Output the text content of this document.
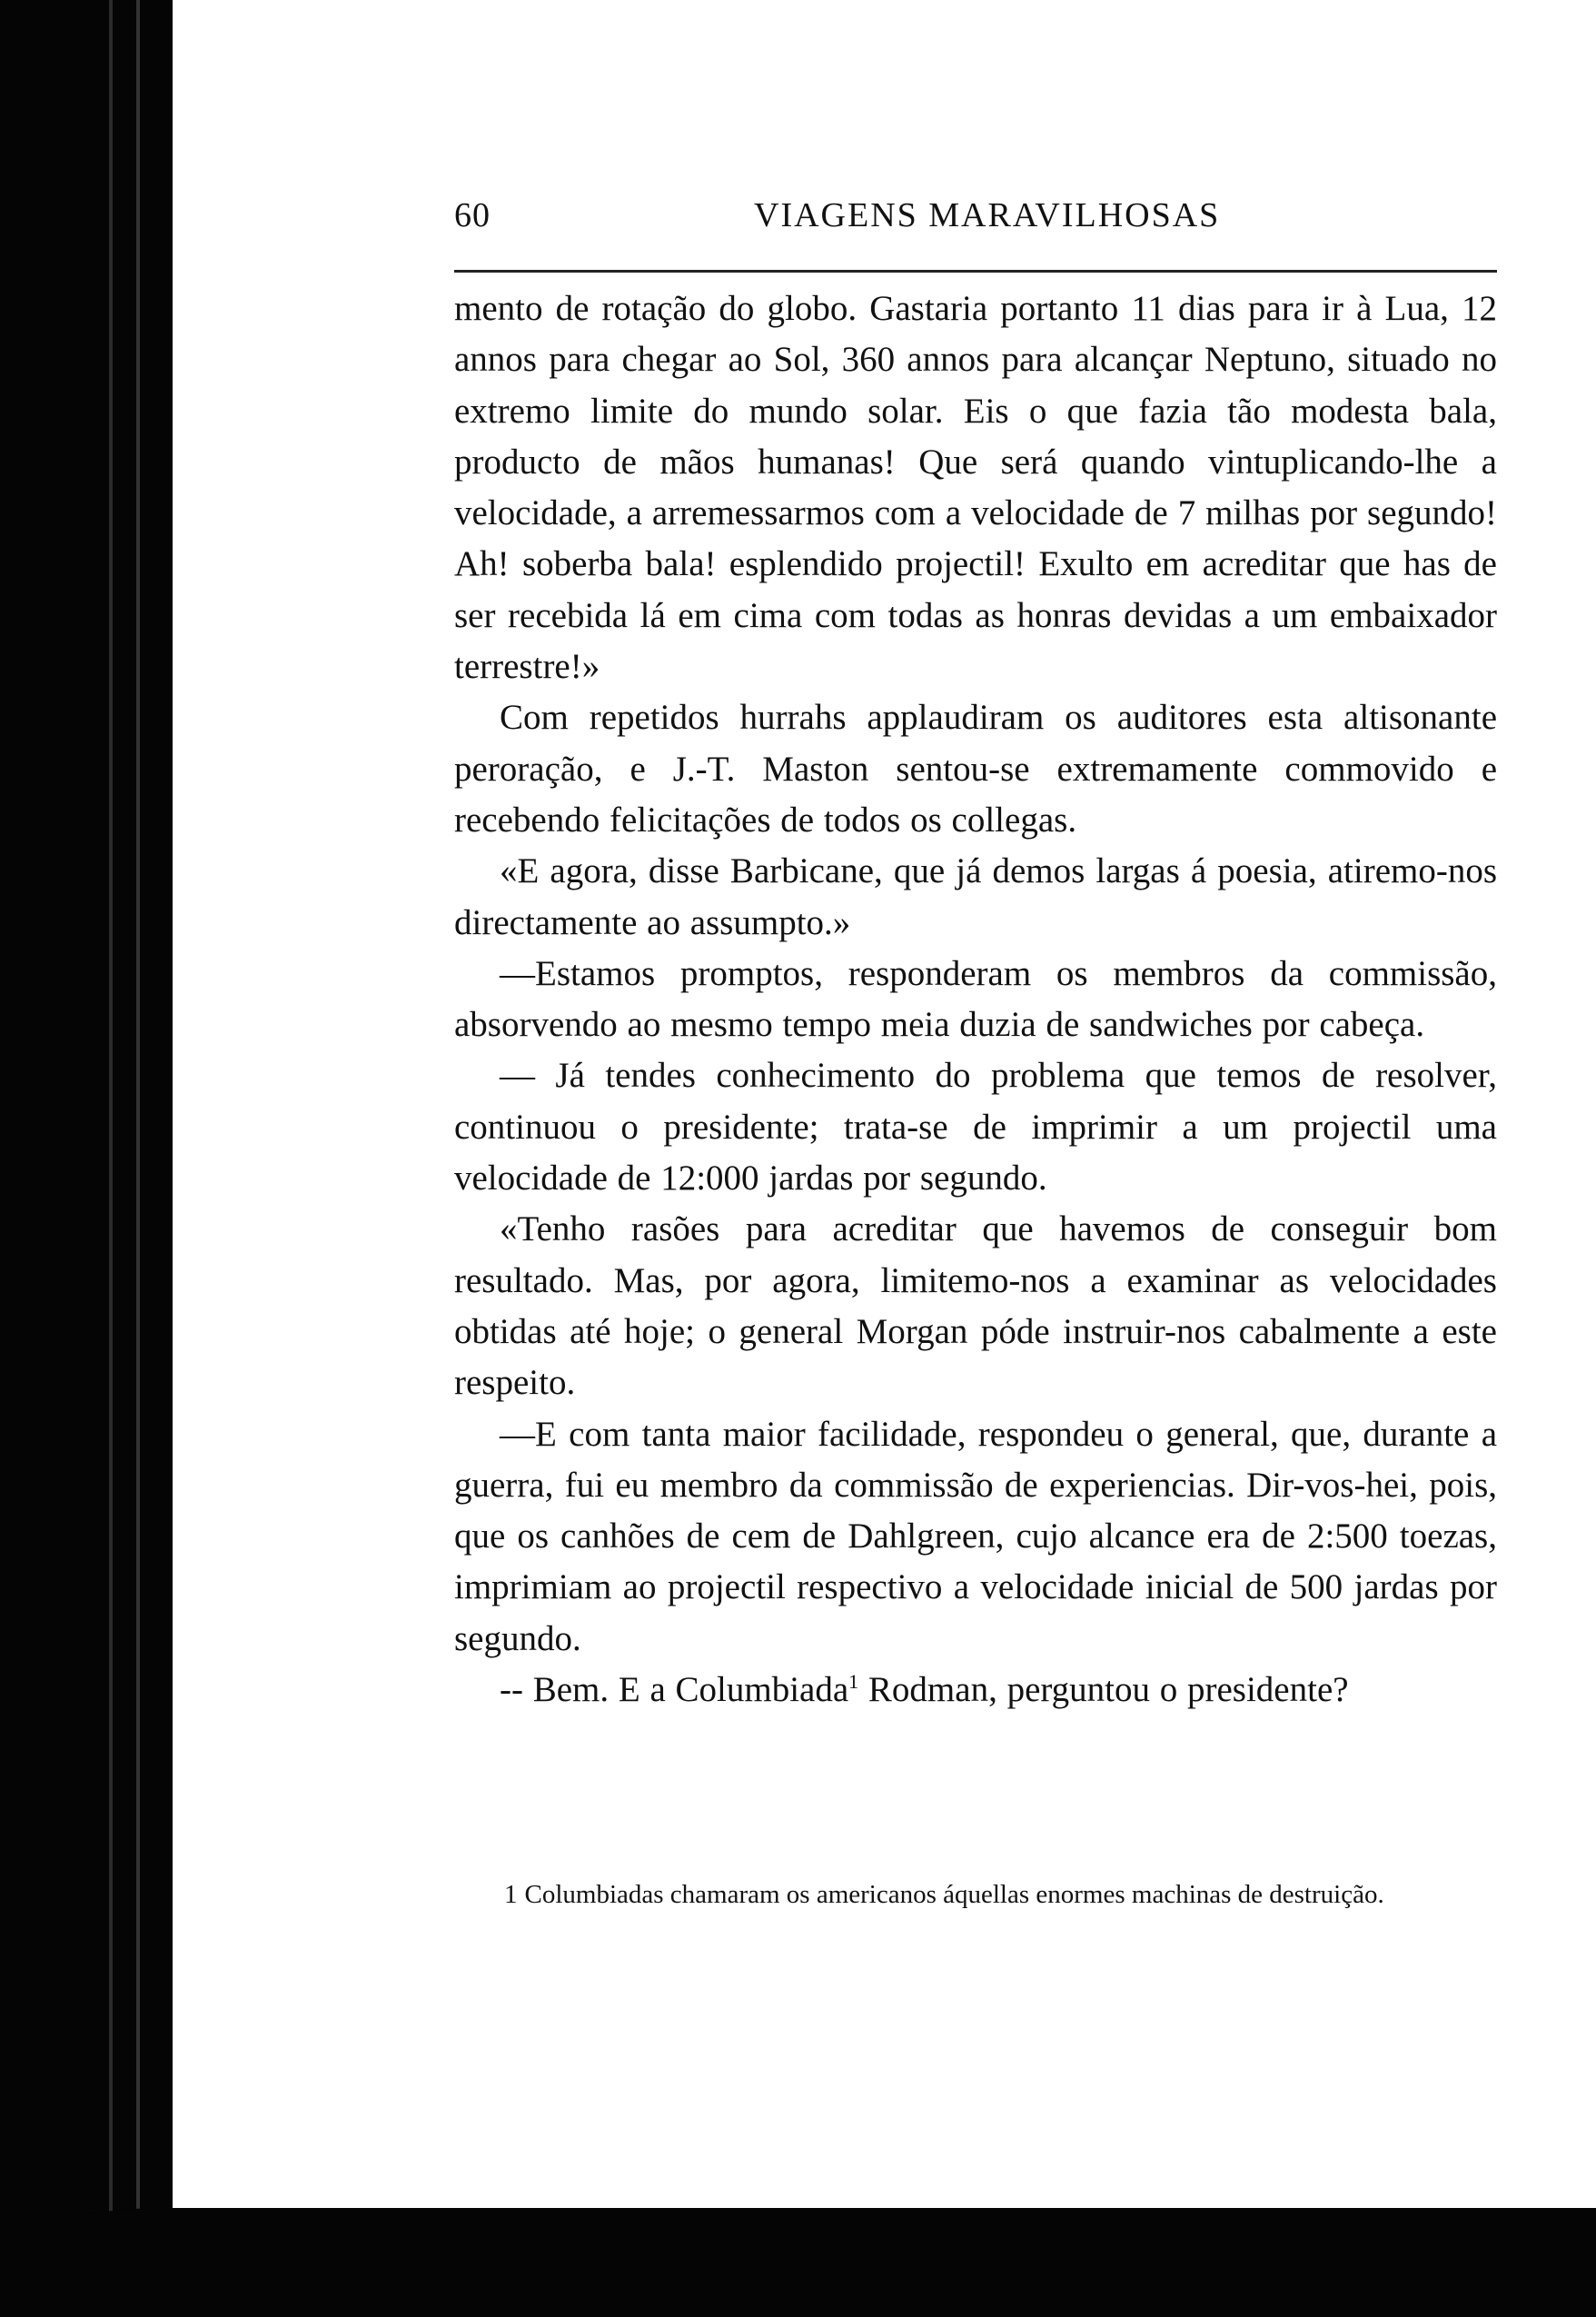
60	VIAGENS MARAVILHOSAS

mento de rotação do globo. Gastaria portanto 11 dias para ir à Lua, 12 annos para chegar ao Sol, 360 annos para alcançar Neptuno, situado no extremo limite do mundo solar. Eis o que fazia tão modesta bala, producto de mãos humanas! Que será quando vintuplicando-lhe a velocidade, a arremessarmos com a velocidade de 7 milhas por segundo! Ah! soberba bala! esplendido projectil! Exulto em acreditar que has de ser recebida lá em cima com todas as honras devidas a um embaixador terrestre!»

Com repetidos hurrahs applaudiram os auditores esta altisonante peroração, e J.-T. Maston sentou-se extremamente commovido e recebendo felicitações de todos os collegas.

«E agora, disse Barbicane, que já demos largas á poesia, atiremo-nos directamente ao assumpto.»

—Estamos promptos, responderam os membros da commissão, absorvendo ao mesmo tempo meia duzia de sandwiches por cabeça.

— Já tendes conhecimento do problema que temos de resolver, continuou o presidente; trata-se de imprimir a um projectil uma velocidade de 12:000 jardas por segundo.

«Tenho rasões para acreditar que havemos de conseguir bom resultado. Mas, por agora, limitemo-nos a examinar as velocidades obtidas até hoje; o general Morgan póde instruir-nos cabalmente a este respeito.

—E com tanta maior facilidade, respondeu o general, que, durante a guerra, fui eu membro da commissão de experiencias. Dir-vos-hei, pois, que os canhões de cem de Dahlgreen, cujo alcance era de 2:500 toezas, imprimiam ao projectil respectivo a velocidade inicial de 500 jardas por segundo.

-- Bem. E a Columbiada$^1$ Rodman, perguntou o presidente?

1 Columbiadas chamaram os americanos áquellas enormes machinas de destruição.
